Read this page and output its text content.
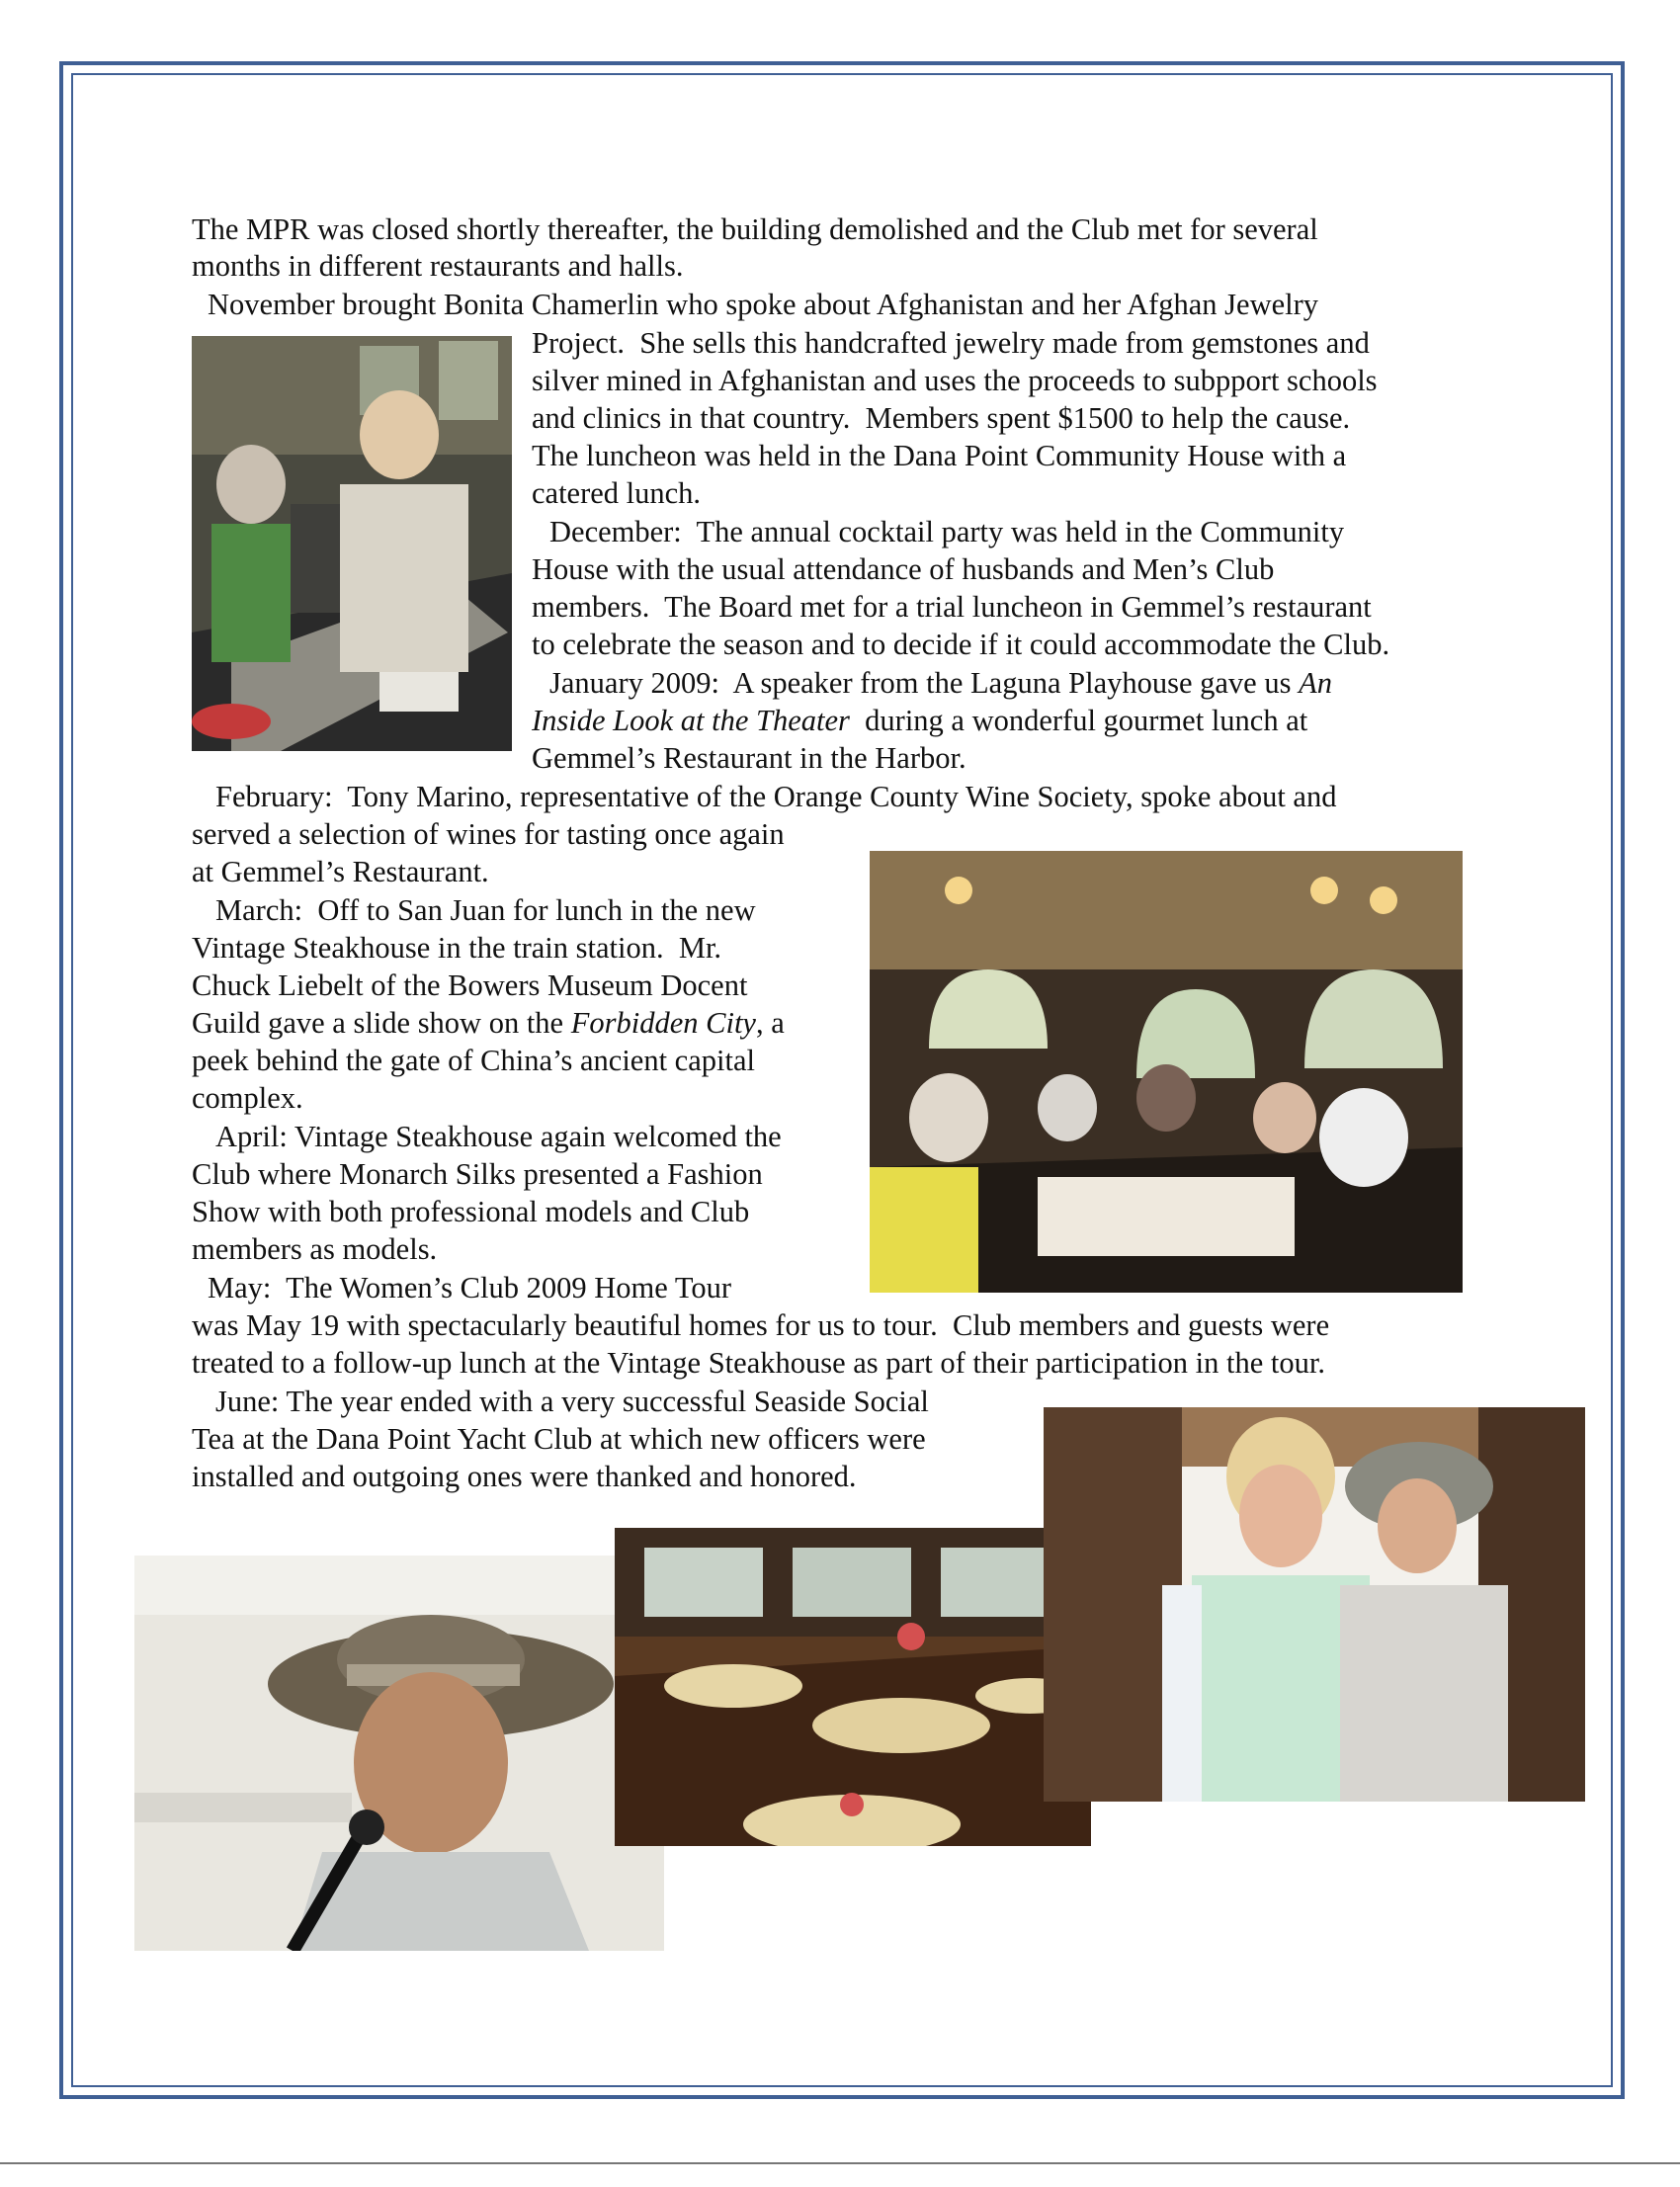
The MPR was closed shortly thereafter, the building demolished and the Club met for several
months in different restaurants and halls.
November brought Bonita Chamerlin who spoke about Afghanistan and her Afghan Jewelry
Project.  She sells this handcrafted jewelry made from gemstones and
silver mined in Afghanistan and uses the proceeds to subpport schools
and clinics in that country.  Members spent $1500 to help the cause.
The luncheon was held in the Dana Point Community House with a
catered lunch.
December:  The annual cocktail party was held in the Community
House with the usual attendance of husbands and Men’s Club
members.  The Board met for a trial luncheon in Gemmel’s restaurant
to celebrate the season and to decide if it could accommodate the Club.
January 2009:  A speaker from the Laguna Playhouse gave us An
Inside Look at the Theater  during a wonderful gourmet lunch at
Gemmel’s Restaurant in the Harbor.
February:  Tony Marino, representative of the Orange County Wine Society, spoke about and
served a selection of wines for tasting once again
at Gemmel’s Restaurant.
March:  Off to San Juan for lunch in the new
Vintage Steakhouse in the train station.  Mr.
Chuck Liebelt of the Bowers Museum Docent
Guild gave a slide show on the Forbidden City, a
peek behind the gate of China’s ancient capital
complex.
April: Vintage Steakhouse again welcomed the
Club where Monarch Silks presented a Fashion
Show with both professional models and Club
members as models.
May:  The Women’s Club 2009 Home Tour
was May 19 with spectacularly beautiful homes for us to tour.  Club members and guests were
treated to a follow-up lunch at the Vintage Steakhouse as part of their participation in the tour.
June: The year ended with a very successful Seaside Social
Tea at the Dana Point Yacht Club at which new officers were
installed and outgoing ones were thanked and honored.
